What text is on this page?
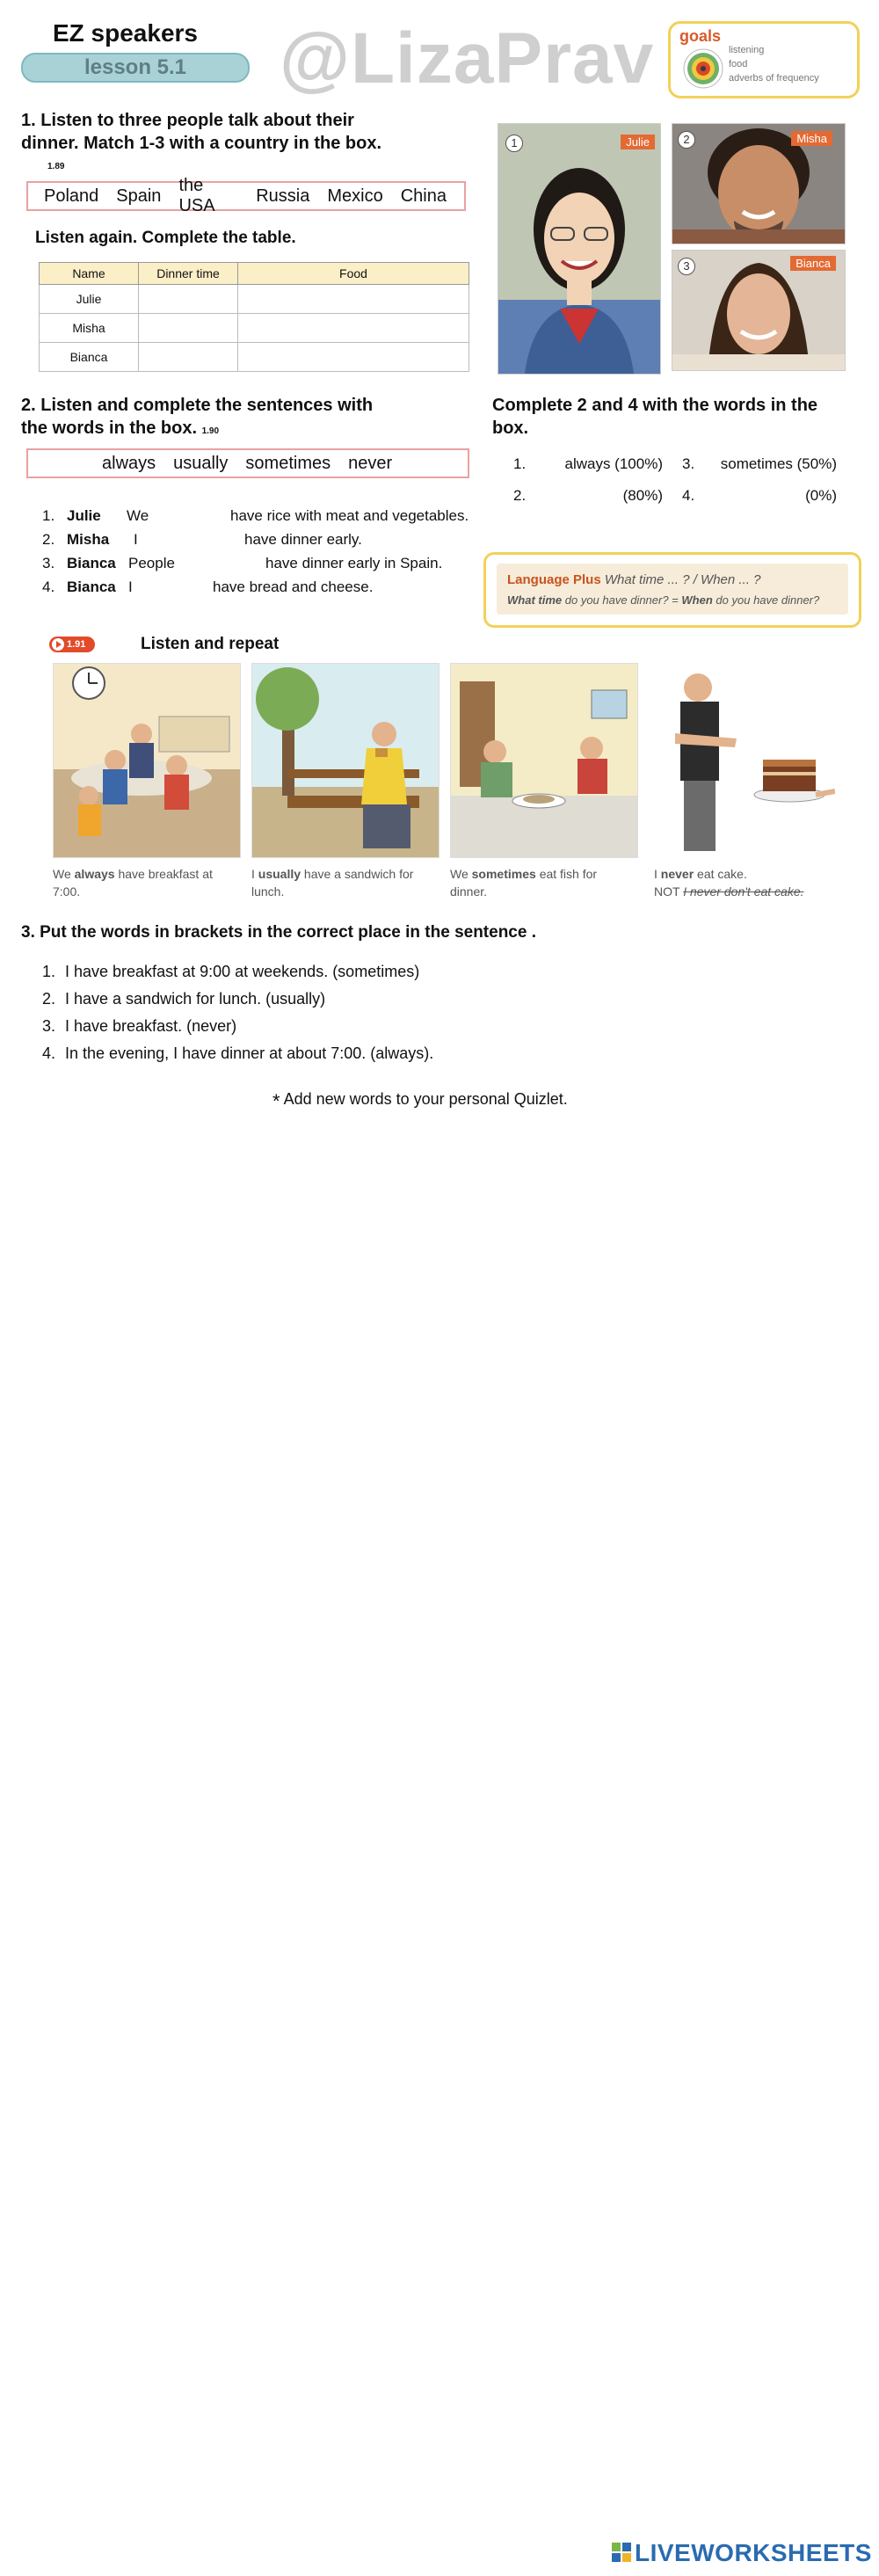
EZ speakers
lesson 5.1	@LizaPrav goals
listening
food
adverbs of frequency
1. Listen to three people talk about their
dinner. Match 1-3 with a country in the box.
1.89
Poland Spain
the USA
Russia Mexico China
Listen again. Complete the table.
Name	Dinner time	Food
Julie		
Misha		
Bianca		
1	Julie	2	Misha
3	Bianca
2. Listen and complete the sentences with
the words in the box. 1.90
always usually sometimes never
1. Julie We	have rice with meat and vegetables.
2. Misha I	have dinner early.
3. Bianca People	have dinner early in Spain.
4. Bianca I	have bread and cheese.
Complete 2 and 4 with the words in the
box.
1.	always (100%) 3.	sometimes (50%)
2.	(80%) 4.	(0%)
Language Plus What time ... ? / When ... ?
What time do you have dinner? = When do you have dinner?
1.91	Listen and repeat
We always have breakfast at 7:00.
I usually have a sandwich for lunch.
We sometimes eat fish for dinner.
I never eat cake.
NOT I never don't eat cake.
3. Put the words in brackets in the correct place in the sentence .
1. I have breakfast at 9:00 at weekends. (sometimes)
2. I have a sandwich for lunch. (usually)
3. I have breakfast. (never)
4. In the evening, I have dinner at about 7:00. (always).
* Add new words to your personal Quizlet.
LIVEWORKSHEETS
